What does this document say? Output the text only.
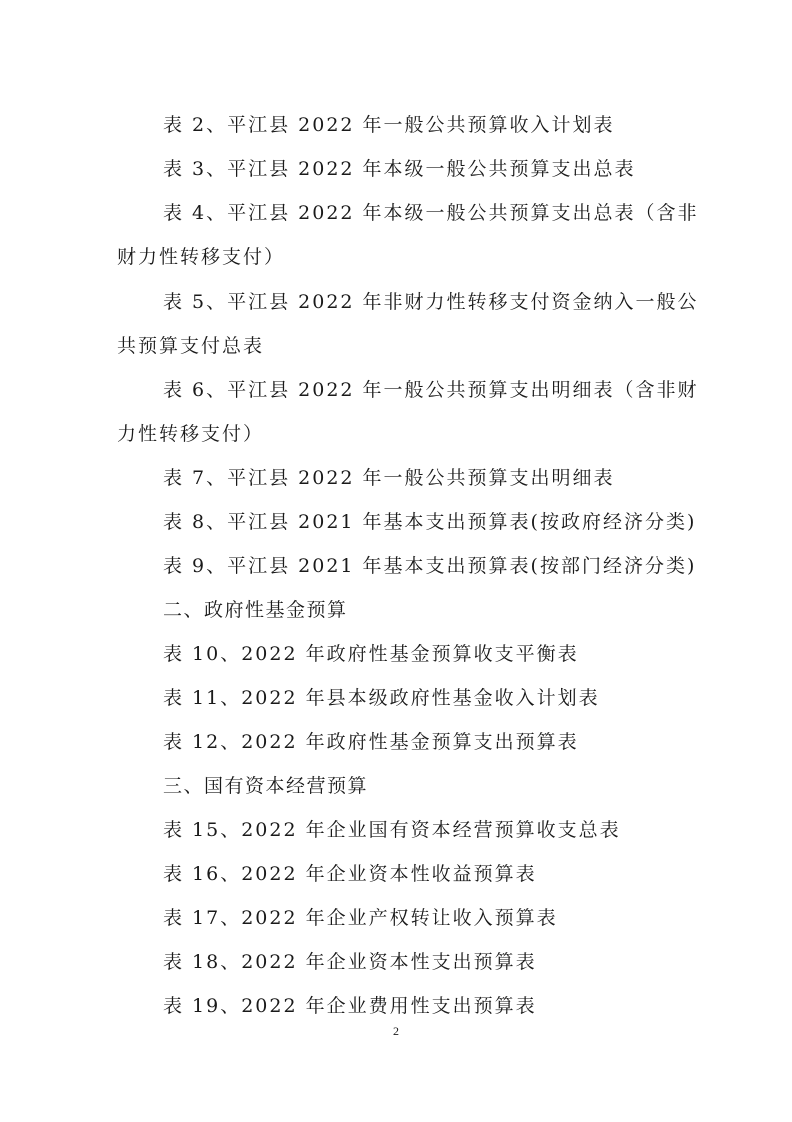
表 2、平江县 2022 年一般公共预算收入计划表
表 3、平江县 2022 年本级一般公共预算支出总表
表 4、平江县 2022 年本级一般公共预算支出总表（含非
财力性转移支付）
表 5、平江县 2022 年非财力性转移支付资金纳入一般公
共预算支付总表
表 6、平江县 2022 年一般公共预算支出明细表（含非财
力性转移支付）
表 7、平江县 2022 年一般公共预算支出明细表
表 8、平江县 2021 年基本支出预算表(按政府经济分类)
表 9、平江县 2021 年基本支出预算表(按部门经济分类)
二、政府性基金预算
表 10、2022 年政府性基金预算收支平衡表
表 11、2022 年县本级政府性基金收入计划表
表 12、2022 年政府性基金预算支出预算表
三、国有资本经营预算
表 15、2022 年企业国有资本经营预算收支总表
表 16、2022 年企业资本性收益预算表
表 17、2022 年企业产权转让收入预算表
表 18、2022 年企业资本性支出预算表
表 19、2022 年企业费用性支出预算表
2
